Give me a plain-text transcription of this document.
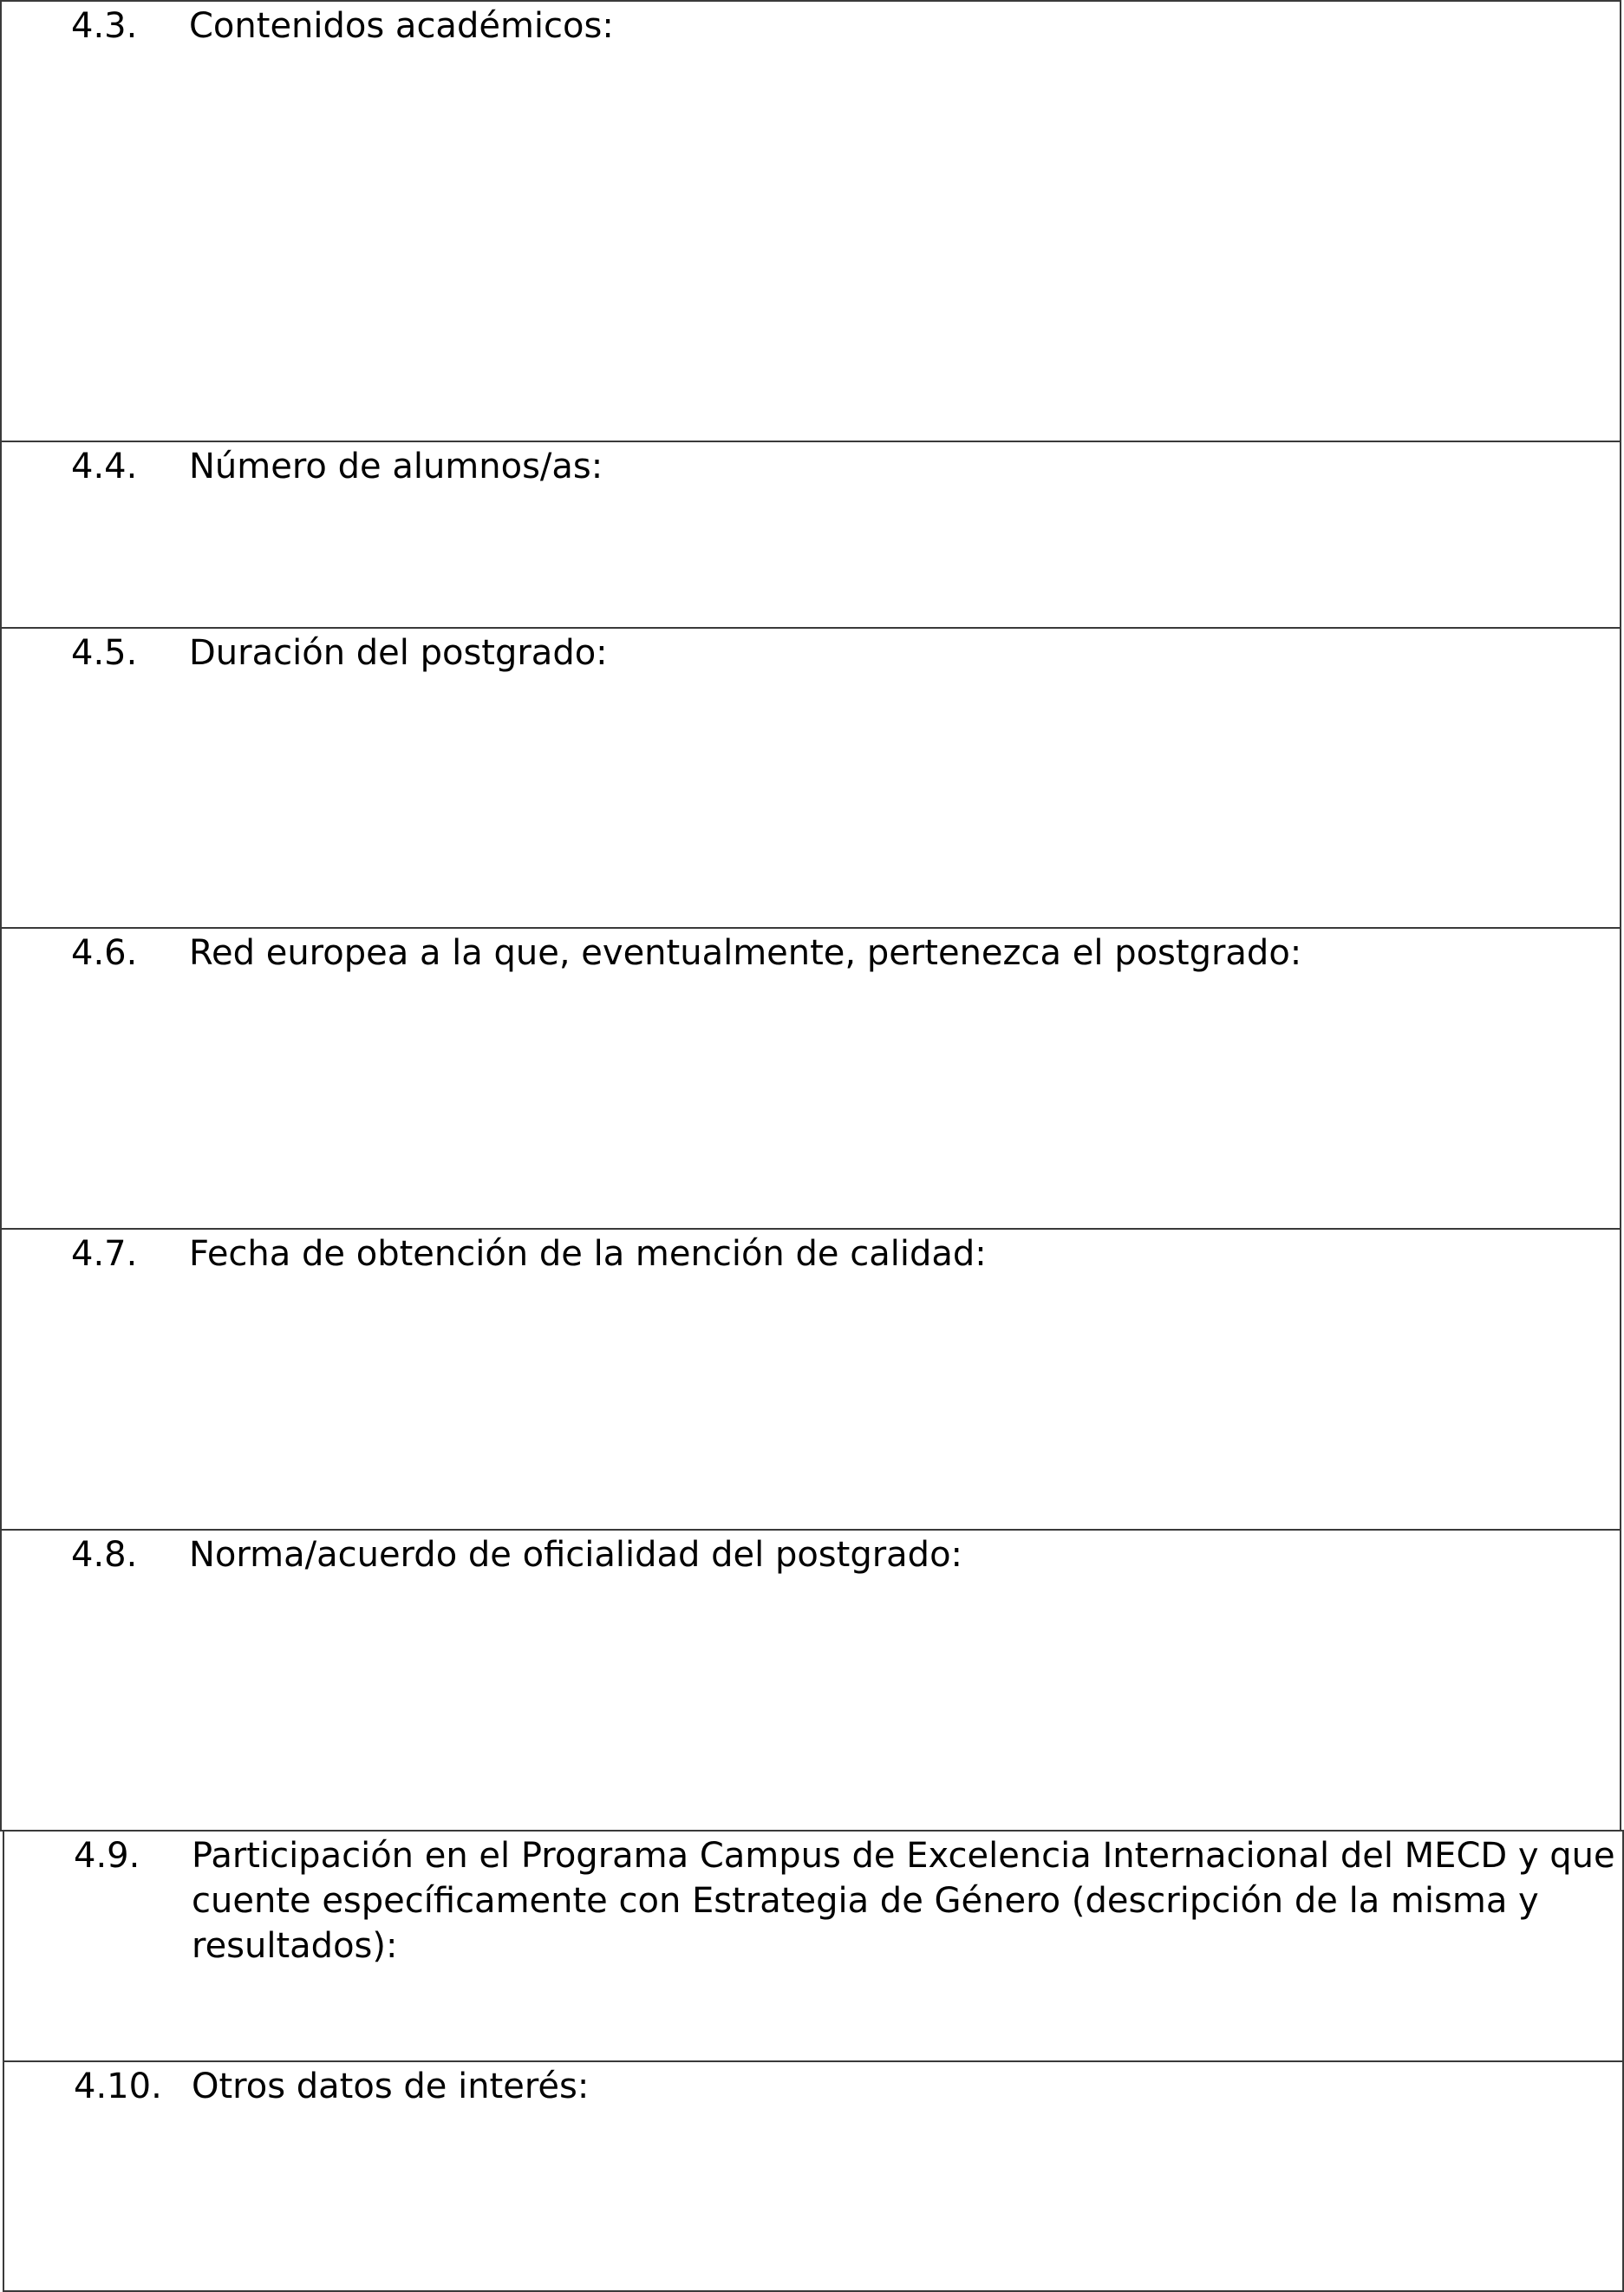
4.3. Contenidos académicos:
4.4. Número de alumnos/as:
4.5. Duración del postgrado:
4.6. Red europea a la que, eventualmente, pertenezca el postgrado:
4.7. Fecha de obtención de la mención de calidad:
4.8. Norma/acuerdo de oficialidad del postgrado:
4.9. Participación en el Programa Campus de Excelencia Internacional del MECD y que cuente específicamente con Estrategia de Género (descripción de la misma y resultados):
4.10. Otros datos de interés:
